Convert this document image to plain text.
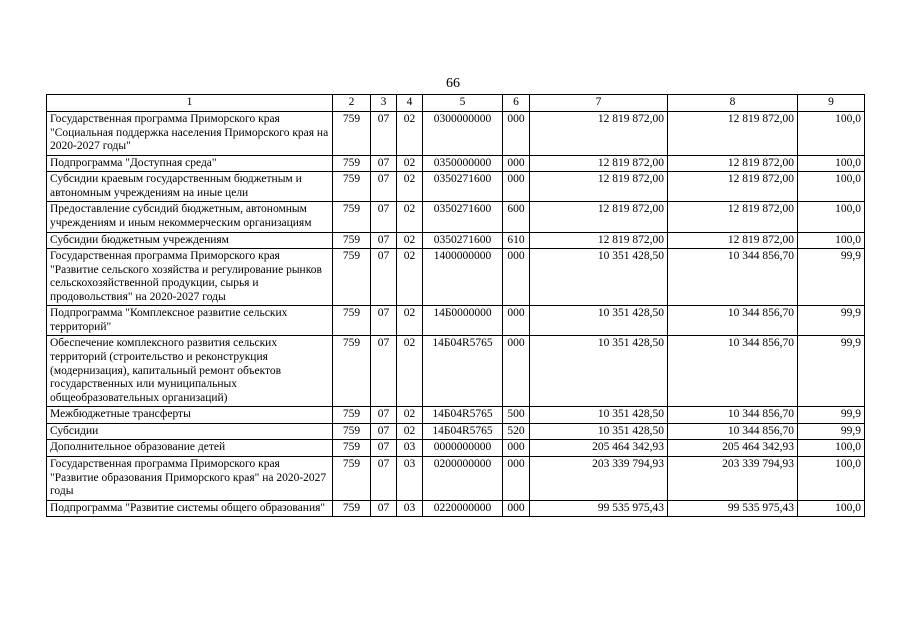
66
1	2	3	4	5	6	7	8	9
Государственная программа Приморского края "Социальная поддержка населения Приморского края на 2020-2027 годы"	759	07	02	0300000000	000	12 819 872,00	12 819 872,00	100,0
Подпрограмма "Доступная среда"	759	07	02	0350000000	000	12 819 872,00	12 819 872,00	100,0
Субсидии краевым государственным бюджетным и автономным учреждениям на иные цели	759	07	02	0350271600	000	12 819 872,00	12 819 872,00	100,0
Предоставление субсидий бюджетным, автономным учреждениям и иным некоммерческим организациям	759	07	02	0350271600	600	12 819 872,00	12 819 872,00	100,0
Субсидии бюджетным учреждениям	759	07	02	0350271600	610	12 819 872,00	12 819 872,00	100,0
Государственная программа Приморского края "Развитие сельского хозяйства и регулирование рынков сельскохозяйственной продукции, сырья и продовольствия" на 2020-2027 годы	759	07	02	1400000000	000	10 351 428,50	10 344 856,70	99,9
Подпрограмма "Комплексное развитие сельских территорий"	759	07	02	14Б0000000	000	10 351 428,50	10 344 856,70	99,9
Обеспечение комплексного развития сельских территорий (строительство и реконструкция (модернизация), капитальный ремонт объектов государственных или муниципальных общеобразовательных организаций)	759	07	02	14Б04R5765	000	10 351 428,50	10 344 856,70	99,9
Межбюджетные трансферты	759	07	02	14Б04R5765	500	10 351 428,50	10 344 856,70	99,9
Субсидии	759	07	02	14Б04R5765	520	10 351 428,50	10 344 856,70	99,9
Дополнительное образование детей	759	07	03	0000000000	000	205 464 342,93	205 464 342,93	100,0
Государственная программа Приморского края "Развитие образования Приморского края" на 2020-2027 годы	759	07	03	0200000000	000	203 339 794,93	203 339 794,93	100,0
Подпрограмма "Развитие системы общего образования"	759	07	03	0220000000	000	99 535 975,43	99 535 975,43	100,0
